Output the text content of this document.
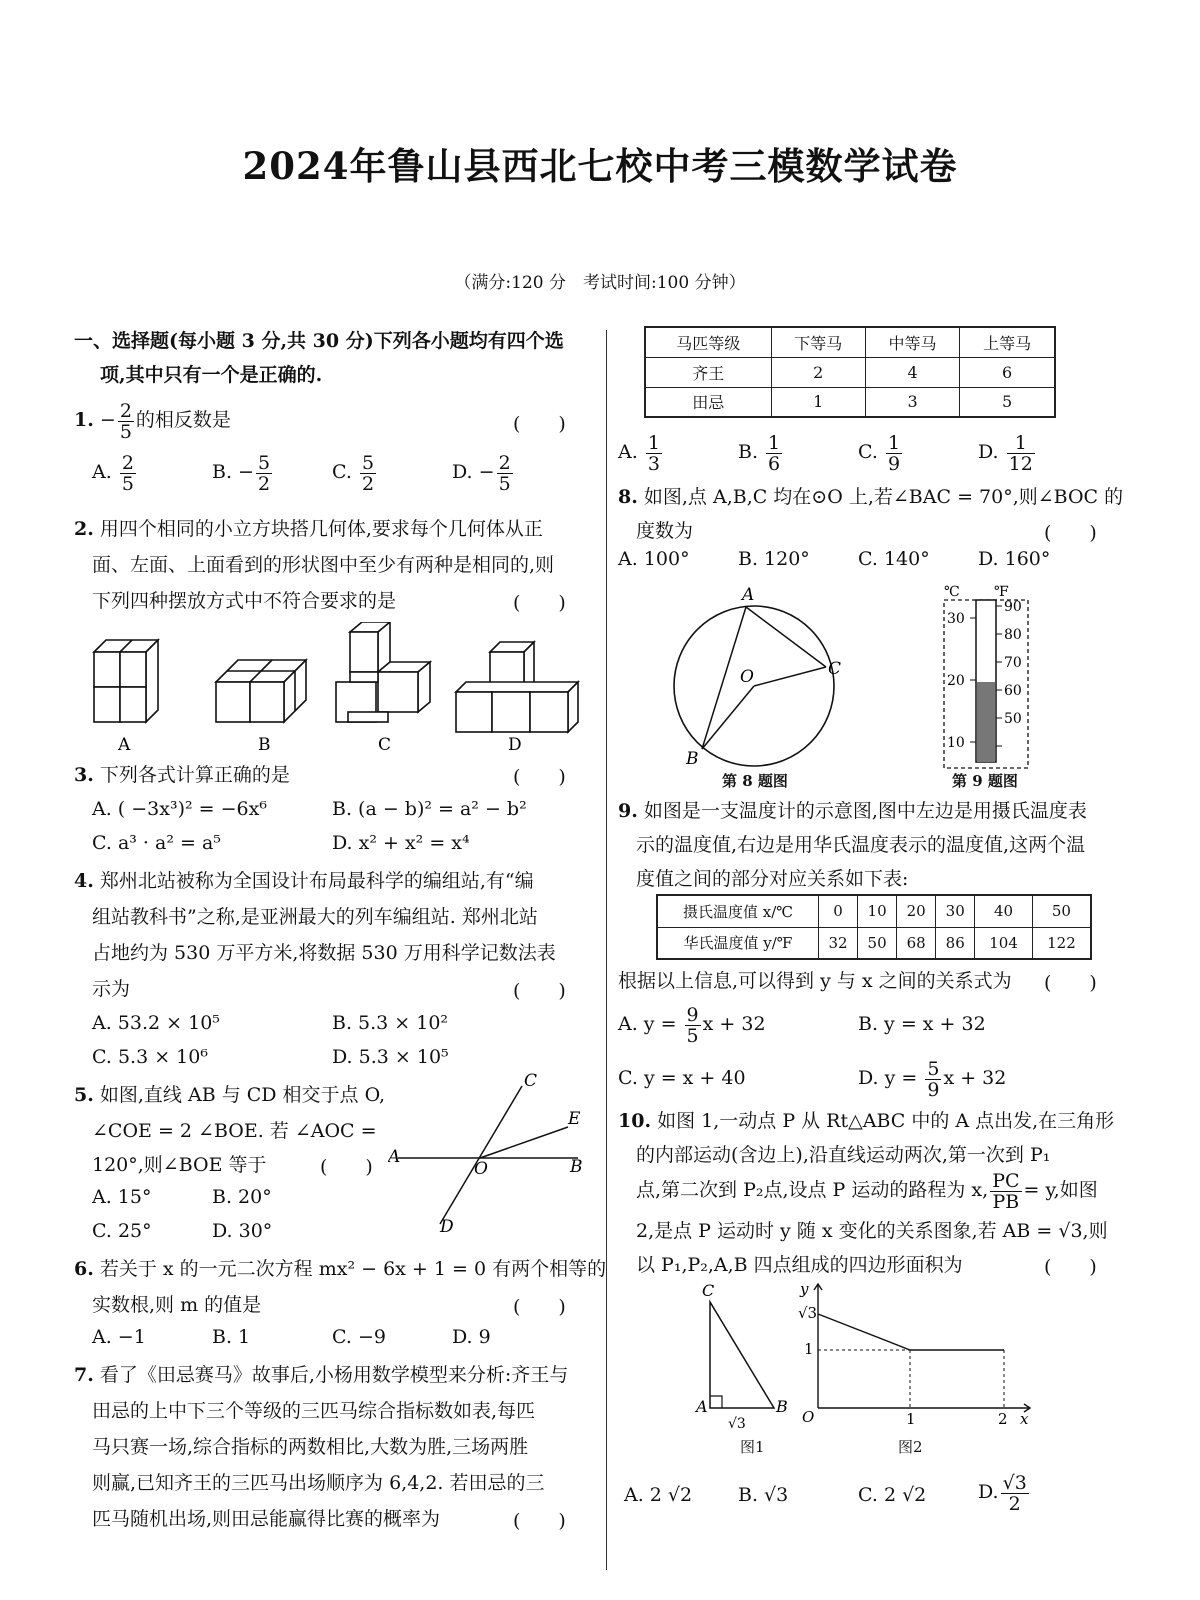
2024年鲁山县西北七校中考三模数学试卷
（满分:120 分　考试时间:100 分钟）
一、选择题(每小题 3 分,共 30 分)下列各小题均有四个选
项,其中只有一个是正确的.
1. − $\frac{2}{5}$ 的相反数是	(　　)
A. $\frac{2}{5}$	B. − $\frac{5}{2}$	C. $\frac{5}{2}$	D. − $\frac{2}{5}$
2. 用四个相同的小立方块搭几何体,要求每个几何体从正
面、左面、上面看到的形状图中至少有两种是相同的,则
下列四种摆放方式中不符合要求的是	(　　)
A	B	C	D
3. 下列各式计算正确的是	(　　)
A. ( −3x³)² = −6x⁶	B. (a − b)² = a² − b²
C. a³ · a² = a⁵	D. x² + x² = x⁴
4. 郑州北站被称为全国设计布局最科学的编组站,有“编
组站教科书”之称,是亚洲最大的列车编组站. 郑州北站
占地约为 530 万平方米,将数据 530 万用科学记数法表
示为	(　　)
A. 53.2 × 10⁵	B. 5.3 × 10²
C. 5.3 × 10⁶	D. 5.3 × 10⁵
5. 如图,直线 AB 与 CD 相交于点 O,
∠COE = 2 ∠BOE. 若 ∠AOC =
120°,则∠BOE 等于	(　　)
A. 15°	B. 20°
C. 25°	D. 30°
C
E
A
O	B
D
6. 若关于 x 的一元二次方程 mx² − 6x + 1 = 0 有两个相等的
实数根,则 m 的值是	(　　)
A. −1	B. 1	C. −9	D. 9
7. 看了《田忌赛马》故事后,小杨用数学模型来分析:齐王与
田忌的上中下三个等级的三匹马综合指标数如表,每匹
马只赛一场,综合指标的两数相比,大数为胜,三场两胜
则赢,已知齐王的三匹马出场顺序为 6,4,2. 若田忌的三
匹马随机出场,则田忌能赢得比赛的概率为	(　　)
马匹等级	下等马	中等马	上等马
齐王	2	4	6
田忌	1	3	5
A. $\frac{1}{3}$	B. $\frac{1}{6}$	C. $\frac{1}{9}$	D. $\frac{1}{12}$
8. 如图,点 A,B,C 均在⊙O 上,若∠BAC = 70°,则∠BOC 的
度数为	(　　)
A. 100°	B. 120°	C. 140°	D. 160°
A
O	C
B
第 8 题图
℃ ℉
30
20
10
90
80
70
60
50
第 9 题图
9. 如图是一支温度计的示意图,图中左边是用摄氏温度表
示的温度值,右边是用华氏温度表示的温度值,这两个温
度值之间的部分对应关系如下表:
摄氏温度值 x/℃	0	10	20	30	40	50
华氏温度值 y/℉	32	50	68	86	104	122
根据以上信息,可以得到 y 与 x 之间的关系式为 (　　)
A. $y = \frac{9}{5}$ x + 32	B. y = x + 32
C. y = x + 40	D. $y = \frac{5}{9}$ x + 32
10. 如图 1,一动点 P 从 Rt△ABC 中的 A 点出发,在三角形
的内部运动(含边上),沿直线运动两次,第一次到 P₁
点,第二次到 P₂点,设点 P 运动的路程为 x, $\frac{PC}{PB} = y$,如图
2,是点 P 运动时 y 随 x 变化的关系图象,若 AB = √3,则
以 P₁,P₂,A,B 四点组成的四边形面积为	(　　)
C
A	B
√3
图1
y
√3
1
O	1	2 x
图2
A. 2 √2 B. √3	C. 2 √2	D. $\frac{√3}{2}$
